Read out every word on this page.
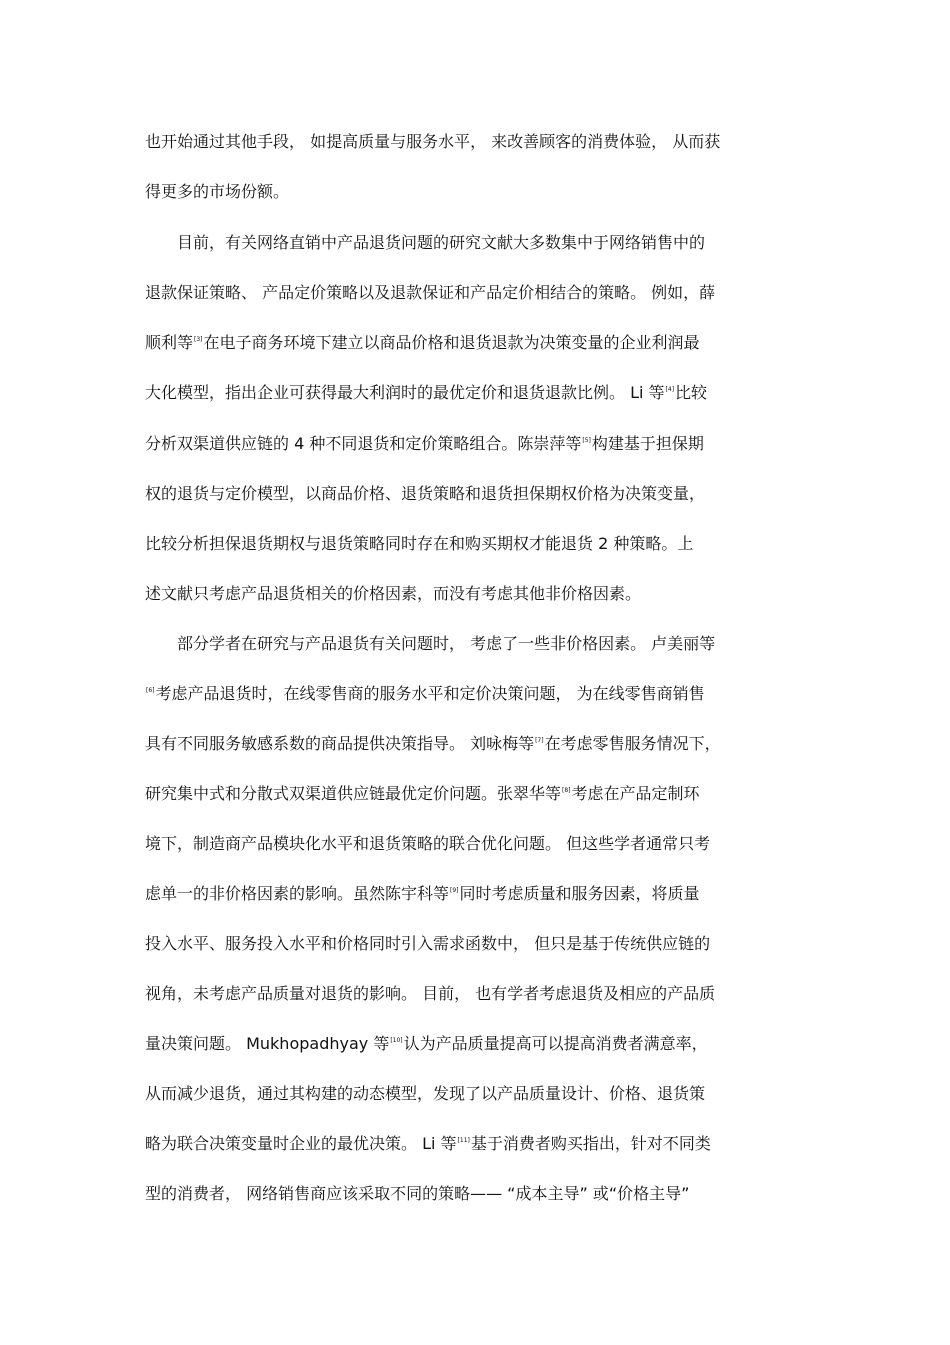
也开始通过其他手段， 如提高质量与服务水平， 来改善顾客的消费体验， 从而获
得更多的市场份额。
目前，有关网络直销中产品退货问题的研究文献大多数集中于网络销售中的
退款保证策略、 产品定价策略以及退款保证和产品定价相结合的策略。 例如，薛
顺利等[3]在电子商务环境下建立以商品价格和退货退款为决策变量的企业利润最
大化模型，指出企业可获得最大利润时的最优定价和退货退款比例。 Li 等[4]比较
分析双渠道供应链的 4 种不同退货和定价策略组合。陈崇萍等[5]构建基于担保期
权的退货与定价模型，以商品价格、退货策略和退货担保期权价格为决策变量，
比较分析担保退货期权与退货策略同时存在和购买期权才能退货 2 种策略。上
述文献只考虑产品退货相关的价格因素，而没有考虑其他非价格因素。
部分学者在研究与产品退货有关问题时， 考虑了一些非价格因素。 卢美丽等
[6]考虑产品退货时，在线零售商的服务水平和定价决策问题， 为在线零售商销售
具有不同服务敏感系数的商品提供决策指导。 刘咏梅等[7]在考虑零售服务情况下，
研究集中式和分散式双渠道供应链最优定价问题。张翠华等[8]考虑在产品定制环
境下，制造商产品模块化水平和退货策略的联合优化问题。 但这些学者通常只考
虑单一的非价格因素的影响。虽然陈宇科等[9]同时考虑质量和服务因素，将质量
投入水平、服务投入水平和价格同时引入需求函数中， 但只是基于传统供应链的
视角，未考虑产品质量对退货的影响。 目前， 也有学者考虑退货及相应的产品质
量决策问题。 Mukhopadhyay 等[10]认为产品质量提高可以提高消费者满意率，
从而减少退货，通过其构建的动态模型，发现了以产品质量设计、价格、退货策
略为联合决策变量时企业的最优决策。 Li 等[11]基于消费者购买指出，针对不同类
型的消费者， 网络销售商应该采取不同的策略—— “成本主导” 或“价格主导”
